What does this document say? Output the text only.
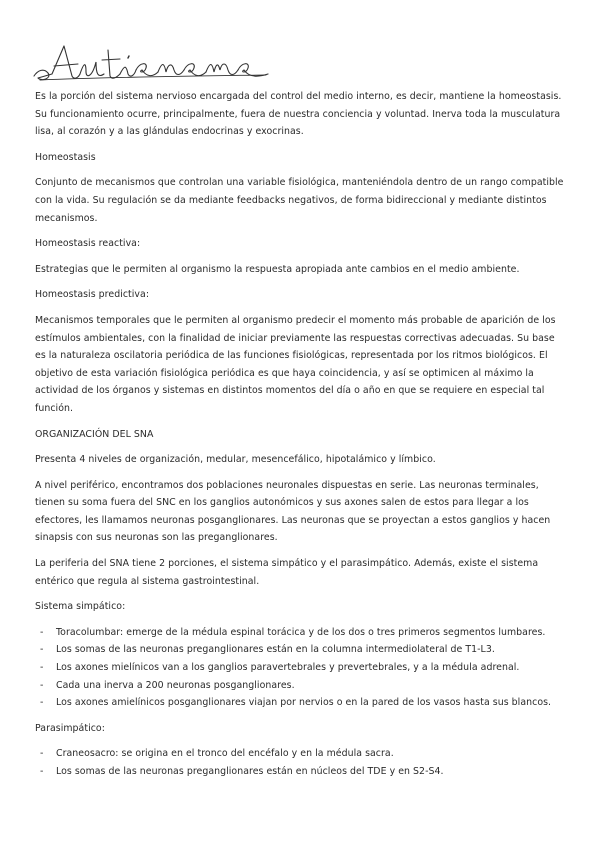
Es la porción del sistema nervioso encargada del control del medio interno, es decir, mantiene la homeostasis. Su funcionamiento ocurre, principalmente, fuera de nuestra conciencia y voluntad. Inerva toda la musculatura lisa, al corazón y a las glándulas endocrinas y exocrinas.

Homeostasis

Conjunto de mecanismos que controlan una variable fisiológica, manteniéndola dentro de un rango compatible con la vida. Su regulación se da mediante feedbacks negativos, de forma bidireccional y mediante distintos mecanismos.

Homeostasis reactiva:

Estrategias que le permiten al organismo la respuesta apropiada ante cambios en el medio ambiente.

Homeostasis predictiva:

Mecanismos temporales que le permiten al organismo predecir el momento más probable de aparición de los estímulos ambientales, con la finalidad de iniciar previamente las respuestas correctivas adecuadas. Su base es la naturaleza oscilatoria periódica de las funciones fisiológicas, representada por los ritmos biológicos. El objetivo de esta variación fisiológica periódica es que haya coincidencia, y así se optimicen al máximo la actividad de los órganos y sistemas en distintos momentos del día o año en que se requiere en especial tal función.

ORGANIZACIÓN DEL SNA

Presenta 4 niveles de organización, medular, mesencefálico, hipotalámico y límbico.

A nivel periférico, encontramos dos poblaciones neuronales dispuestas en serie. Las neuronas terminales, tienen su soma fuera del SNC en los ganglios autonómicos y sus axones salen de estos para llegar a los efectores, les llamamos neuronas posganglionares. Las neuronas que se proyectan a estos ganglios y hacen sinapsis con sus neuronas son las preganglionares.

La periferia del SNA tiene 2 porciones, el sistema simpático y el parasimpático. Además, existe el sistema entérico que regula al sistema gastrointestinal.

Sistema simpático:

- Toracolumbar: emerge de la médula espinal torácica y de los dos o tres primeros segmentos lumbares.
- Los somas de las neuronas preganglionares están en la columna intermediolateral de T1-L3.
- Los axones mielínicos van a los ganglios paravertebrales y prevertebrales, y a la médula adrenal.
- Cada una inerva a 200 neuronas posganglionares.
- Los axones amielínicos posganglionares viajan por nervios o en la pared de los vasos hasta sus blancos.

Parasimpático:

- Craneosacro: se origina en el tronco del encéfalo y en la médula sacra.
- Los somas de las neuronas preganglionares están en núcleos del TDE y en S2-S4.
